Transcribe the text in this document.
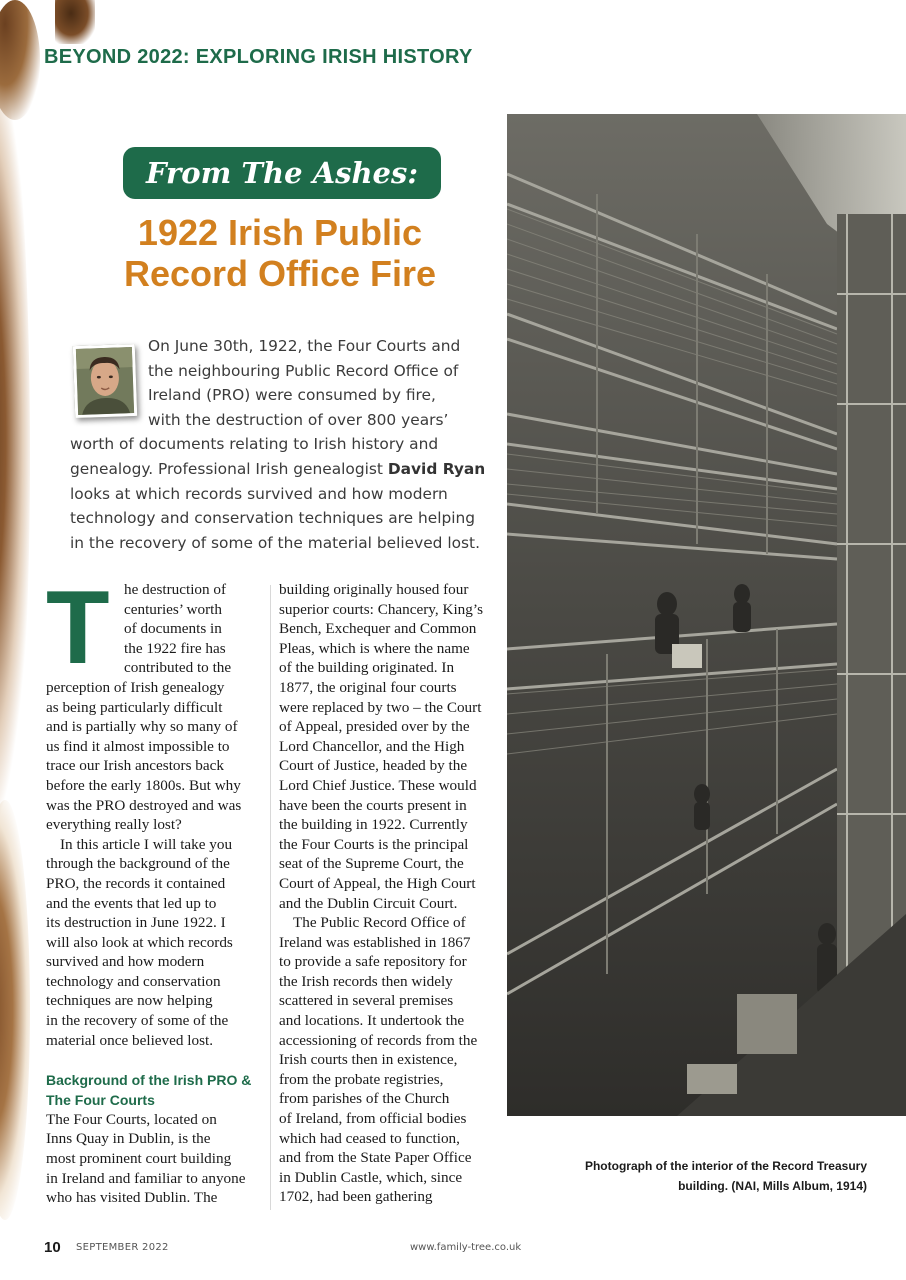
BEYOND 2022: EXPLORING IRISH HISTORY
From The Ashes:
1922 Irish Public
Record Office Fire
On June 30th, 1922, the Four Courts and
the neighbouring Public Record Office of
Ireland (PRO) were consumed by fire,
with the destruction of over 800 years’
worth of documents relating to Irish history and
genealogy. Professional Irish genealogist David Ryan
looks at which records survived and how modern
technology and conservation techniques are helping
in the recovery of some of the material believed lost.
T he destruction of
centuries’ worth
of documents in
the 1922 fire has
contributed to the
perception of Irish genealogy
as being particularly difficult
and is partially why so many of
us find it almost impossible to
trace our Irish ancestors back
before the early 1800s. But why
was the PRO destroyed and was
everything really lost?
In this article I will take you
through the background of the
PRO, the records it contained
and the events that led up to
its destruction in June 1922. I
will also look at which records
survived and how modern
technology and conservation
techniques are now helping
in the recovery of some of the
material once believed lost.
Background of the Irish PRO &
The Four Courts
The Four Courts, located on
Inns Quay in Dublin, is the
most prominent court building
in Ireland and familiar to anyone
who has visited Dublin. The
building originally housed four
superior courts: Chancery, King’s
Bench, Exchequer and Common
Pleas, which is where the name
of the building originated. In
1877, the original four courts
were replaced by two – the Court
of Appeal, presided over by the
Lord Chancellor, and the High
Court of Justice, headed by the
Lord Chief Justice. These would
have been the courts present in
the building in 1922. Currently
the Four Courts is the principal
seat of the Supreme Court, the
Court of Appeal, the High Court
and the Dublin Circuit Court.
The Public Record Office of
Ireland was established in 1867
to provide a safe repository for
the Irish records then widely
scattered in several premises
and locations. It undertook the
accessioning of records from the
Irish courts then in existence,
from the probate registries,
from parishes of the Church
of Ireland, from official bodies
which had ceased to function,
and from the State Paper Office
in Dublin Castle, which, since
1702, had been gathering
Photograph of the interior of the Record Treasury
building. (NAI, Mills Album, 1914)
10 SEPTEMBER 2022	www.family-tree.co.uk
